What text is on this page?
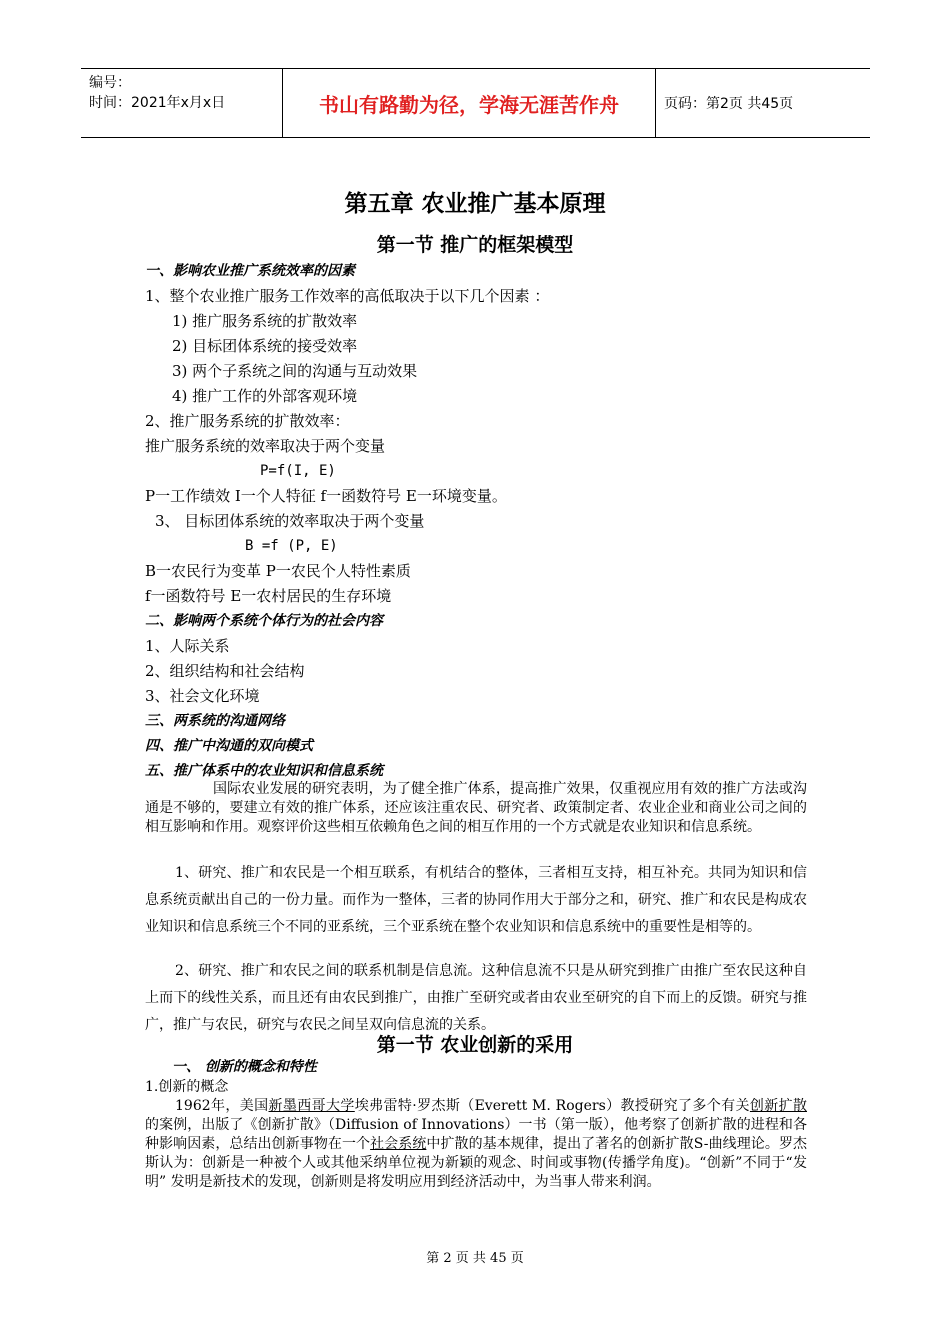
编号：
时间：2021年x月x日	书山有路勤为径，学海无涯苦作舟	页码：第2页 共45页
第五章 农业推广基本原理
第一节 推广的框架模型
一、影响农业推广系统效率的因素
1、整个农业推广服务工作效率的高低取决于以下几个因素 ：
1) 推广服务系统的扩散效率
2) 目标团体系统的接受效率
3) 两个子系统之间的沟通与互动效果
4) 推广工作的外部客观环境
2、推广服务系统的扩散效率：
推广服务系统的效率取决于两个变量
P=f(I, E)
P一工作绩效 I一个人特征 f一函数符号 E一环境变量。
3、 目标团体系统的效率取决于两个变量
B =f (P, E)
B一农民行为变革 P一农民个人特性素质
f一函数符号 E一农村居民的生存环境
二、影响两个系统个体行为的社会内容
1、人际关系
2、组织结构和社会结构
3、社会文化环境
三、两系统的沟通网络
四、推广中沟通的双向模式
五、推广体系中的农业知识和信息系统
国际农业发展的研究表明，为了健全推广体系，提高推广效果，仅重视应用有效的推广方法或沟通是不够的，要建立有效的推广体系，还应该注重农民、研究者、政策制定者、农业企业和商业公司之间的相互影响和作用。观察评价这些相互依赖角色之间的相互作用的一个方式就是农业知识和信息系统。
1、研究、推广和农民是一个相互联系，有机结合的整体，三者相互支持，相互补充。共同为知识和信息系统贡献出自己的一份力量。而作为一整体，三者的协同作用大于部分之和，研究、推广和农民是构成农业知识和信息系统三个不同的亚系统，三个亚系统在整个农业知识和信息系统中的重要性是相等的。
2、研究、推广和农民之间的联系机制是信息流。这种信息流不只是从研究到推广由推广至农民这种自上而下的线性关系，而且还有由农民到推广，由推广至研究或者由农业至研究的自下而上的反馈。研究与推广，推广与农民，研究与农民之间呈双向信息流的关系。
第一节 农业创新的采用
一、 创新的概念和特性
1.创新的概念
1962年，美国新墨西哥大学埃弗雷特·罗杰斯（Everett M. Rogers）教授研究了多个有关创新扩散的案例，出版了《创新扩散》（Diffusion of Innovations）一书（第一版），他考察了创新扩散的进程和各种影响因素，总结出创新事物在一个社会系统中扩散的基本规律，提出了著名的创新扩散S-曲线理论。罗杰斯认为：创新是一种被个人或其他采纳单位视为新颖的观念、时间或事物(传播学角度)。“创新”不同于“发明” 发明是新技术的发现，创新则是将发明应用到经济活动中，为当事人带来利润。
第 2 页 共 45 页
